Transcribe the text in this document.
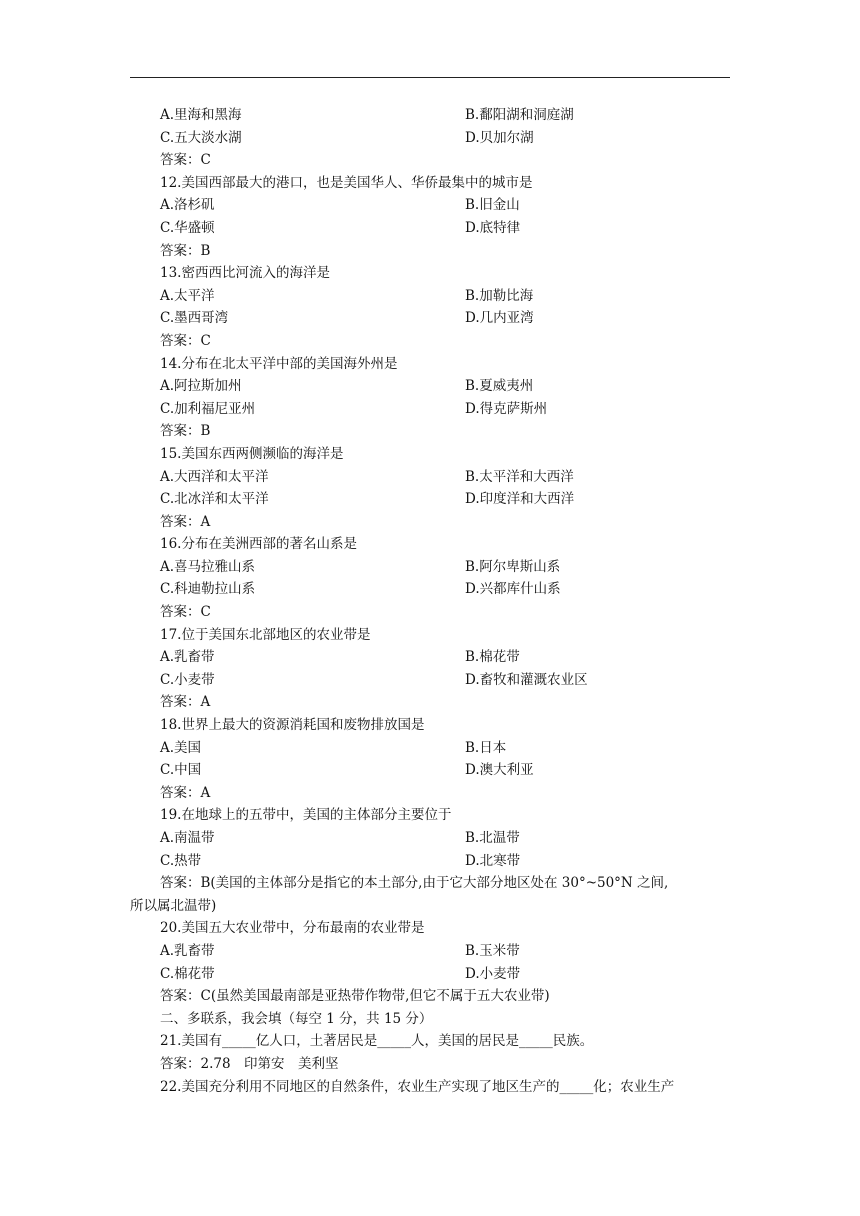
A.里海和黑海	B.鄱阳湖和洞庭湖
C.五大淡水湖	D.贝加尔湖
答案：C
12.美国西部最大的港口，也是美国华人、华侨最集中的城市是
A.洛杉矶	B.旧金山
C.华盛顿	D.底特律
答案：B
13.密西西比河流入的海洋是
A.太平洋	B.加勒比海
C.墨西哥湾	D.几内亚湾
答案：C
14.分布在北太平洋中部的美国海外州是
A.阿拉斯加州	B.夏威夷州
C.加利福尼亚州	D.得克萨斯州
答案：B
15.美国东西两侧濒临的海洋是
A.大西洋和太平洋	B.太平洋和大西洋
C.北冰洋和太平洋	D.印度洋和大西洋
答案：A
16.分布在美洲西部的著名山系是
A.喜马拉雅山系	B.阿尔卑斯山系
C.科迪勒拉山系	D.兴都库什山系
答案：C
17.位于美国东北部地区的农业带是
A.乳畜带	B.棉花带
C.小麦带	D.畜牧和灌溉农业区
答案：A
18.世界上最大的资源消耗国和废物排放国是
A.美国	B.日本
C.中国	D.澳大利亚
答案：A
19.在地球上的五带中，美国的主体部分主要位于
A.南温带	B.北温带
C.热带	D.北寒带
答案：B(美国的主体部分是指它的本土部分,由于它大部分地区处在 30°~50°N 之间,
所以属北温带)
20.美国五大农业带中，分布最南的农业带是
A.乳畜带	B.玉米带
C.棉花带	D.小麦带
答案：C(虽然美国最南部是亚热带作物带,但它不属于五大农业带)
二、多联系，我会填（每空 1 分，共 15 分）
21.美国有_____亿人口，土著居民是_____人，美国的居民是_____民族。
答案：2.78　印第安　美利坚
22.美国充分利用不同地区的自然条件，农业生产实现了地区生产的_____化；农业生产
